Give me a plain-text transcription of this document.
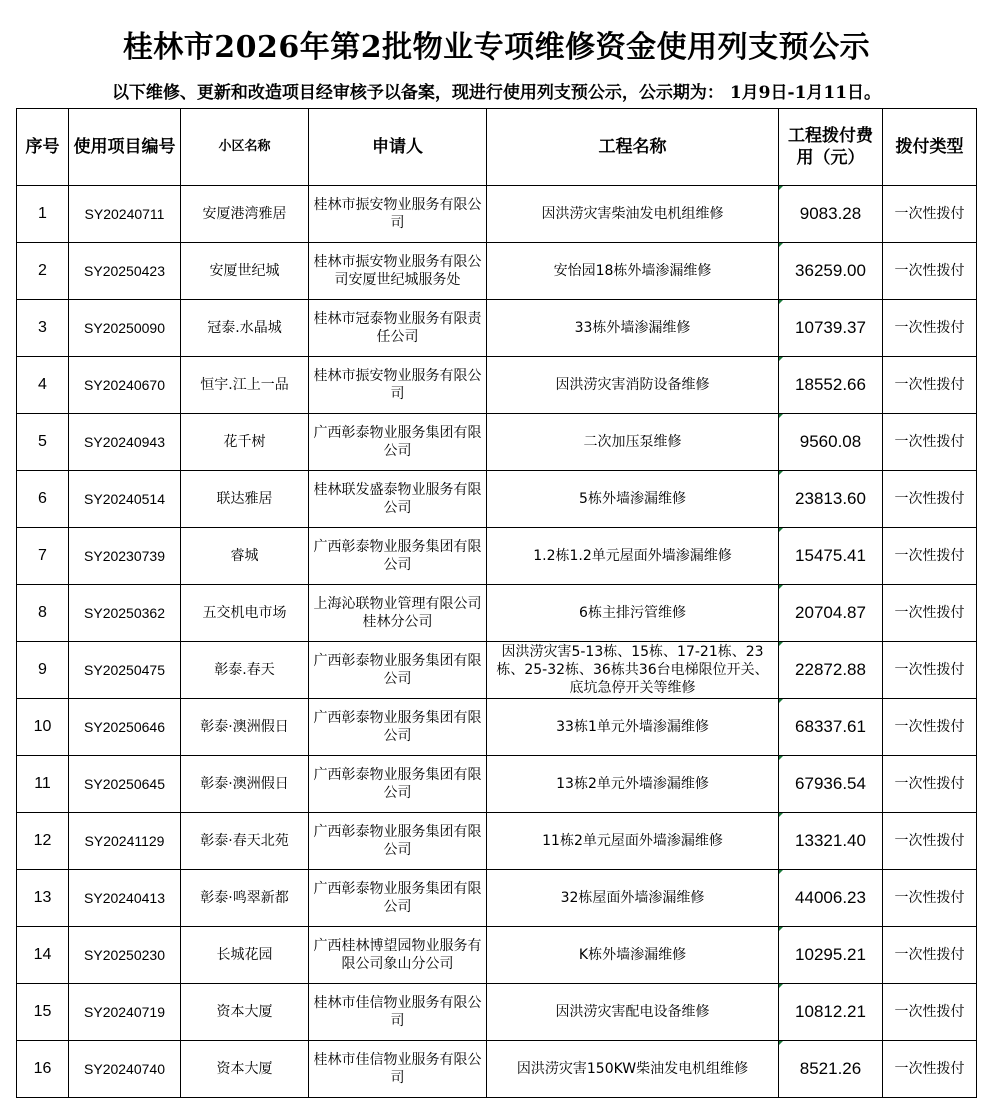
桂林市2026年第2批物业专项维修资金使用列支预公示
以下维修、更新和改造项目经审核予以备案，现进行使用列支预公示，公示期为： 1月9日-1月11日。
序号	使用项目编号	小区名称	申请人	工程名称	工程拨付费用（元）	拨付类型
1	SY20240711	安厦港湾雅居	桂林市振安物业服务有限公司	因洪涝灾害柴油发电机组维修	9083.28	一次性拨付
2	SY20250423	安厦世纪城	桂林市振安物业服务有限公司安厦世纪城服务处	安怡园18栋外墙渗漏维修	36259.00	一次性拨付
3	SY20250090	冠泰.水晶城	桂林市冠泰物业服务有限责任公司	33栋外墙渗漏维修	10739.37	一次性拨付
4	SY20240670	恒宇.江上一品	桂林市振安物业服务有限公司	因洪涝灾害消防设备维修	18552.66	一次性拨付
5	SY20240943	花千树	广西彰泰物业服务集团有限公司	二次加压泵维修	9560.08	一次性拨付
6	SY20240514	联达雅居	桂林联发盛泰物业服务有限公司	5栋外墙渗漏维修	23813.60	一次性拨付
7	SY20230739	睿城	广西彰泰物业服务集团有限公司	1.2栋1.2单元屋面外墙渗漏维修	15475.41	一次性拨付
8	SY20250362	五交机电市场	上海沁联物业管理有限公司桂林分公司	6栋主排污管维修	20704.87	一次性拨付
9	SY20250475	彰泰.春天	广西彰泰物业服务集团有限公司	因洪涝灾害5-13栋、15栋、17-21栋、23栋、25-32栋、36栋共36台电梯限位开关、底坑急停开关等维修	22872.88	一次性拨付
10	SY20250646	彰泰·澳洲假日	广西彰泰物业服务集团有限公司	33栋1单元外墙渗漏维修	68337.61	一次性拨付
11	SY20250645	彰泰·澳洲假日	广西彰泰物业服务集团有限公司	13栋2单元外墙渗漏维修	67936.54	一次性拨付
12	SY20241129	彰泰·春天北苑	广西彰泰物业服务集团有限公司	11栋2单元屋面外墙渗漏维修	13321.40	一次性拨付
13	SY20240413	彰泰·鸣翠新都	广西彰泰物业服务集团有限公司	32栋屋面外墙渗漏维修	44006.23	一次性拨付
14	SY20250230	长城花园	广西桂林博望园物业服务有限公司象山分公司	K栋外墙渗漏维修	10295.21	一次性拨付
15	SY20240719	资本大厦	桂林市佳信物业服务有限公司	因洪涝灾害配电设备维修	10812.21	一次性拨付
16	SY20240740	资本大厦	桂林市佳信物业服务有限公司	因洪涝灾害150KW柴油发电机组维修	8521.26	一次性拨付
